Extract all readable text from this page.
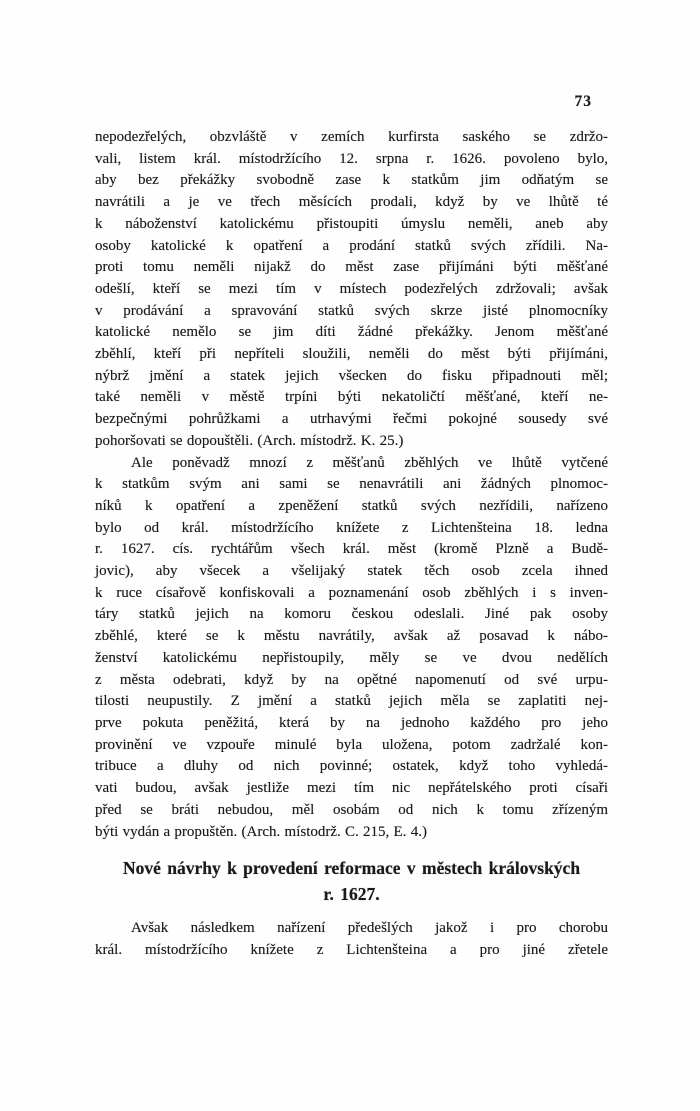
73
nepodezřelých, obzvláště v zemích kurfirsta saského se zdržo-
vali, listem král. místodržícího 12. srpna r. 1626. povoleno bylo,
aby bez překážky svobodně zase k statkům jim odňatým se
navrátili a je ve třech měsících prodali, když by ve lhůtě té
k náboženství katolickému přistoupiti úmyslu neměli, aneb aby
osoby katolické k opatření a prodání statků svých zřídili. Na-
proti tomu neměli nijakž do měst zase přijímáni býti měšťané
odešlí, kteří se mezi tím v místech podezřelých zdržovali; avšak
v prodávání a spravování statků svých skrze jisté plnomocníky
katolické nemělo se jim díti žádné překážky. Jenom měšťané
zběhlí, kteří při nepříteli sloužili, neměli do měst býti přijímáni,
nýbrž jmění a statek jejich všecken do fisku připadnouti měl;
také neměli v městě trpíni býti nekatoličtí měšťané, kteří ne-
bezpečnými pohrůžkami a utrhavými řečmi pokojné sousedy své
pohoršovati se dopouštěli. (Arch. místodrž. K. 25.)
Ale poněvadž mnozí z měšťanů zběhlých ve lhůtě vytčené
k statkům svým ani sami se nenavrátili ani žádných plnomoc-
níků k opatření a zpeněžení statků svých nezřídili, nařízeno
bylo od král. místodržícího knížete z Lichtenšteina 18. ledna
r. 1627. cís. rychtářům všech král. měst (kromě Plzně a Budě-
jovic), aby všecek a všelijaký statek těch osob zcela ihned
k ruce císařově konfiskovali a poznamenání osob zběhlých i s inven-
táry statků jejich na komoru českou odeslali. Jiné pak osoby
zběhlé, které se k městu navrátily, avšak až posavad k nábo-
ženství katolickému nepřistoupily, měly se ve dvou nedělích
z města odebrati, když by na opětné napomenutí od své urpu-
tilosti neupustily. Z jmění a statků jejich měla se zaplatiti nej-
prve pokuta peněžitá, která by na jednoho každého pro jeho
provinění ve vzpouře minulé byla uložena, potom zadržalé kon-
tribuce a dluhy od nich povinné; ostatek, když toho vyhledá-
vati budou, avšak jestliže mezi tím nic nepřátelského proti císaři
před se bráti nebudou, měl osobám od nich k tomu zřízeným
býti vydán a propuštěn. (Arch. místodrž. C. 215, E. 4.)
Nové návrhy k provedení reformace v městech královských
r. 1627.
Avšak následkem nařízení předešlých jakož i pro chorobu
král. místodržícího knížete z Lichtenšteina a pro jiné zřetele
